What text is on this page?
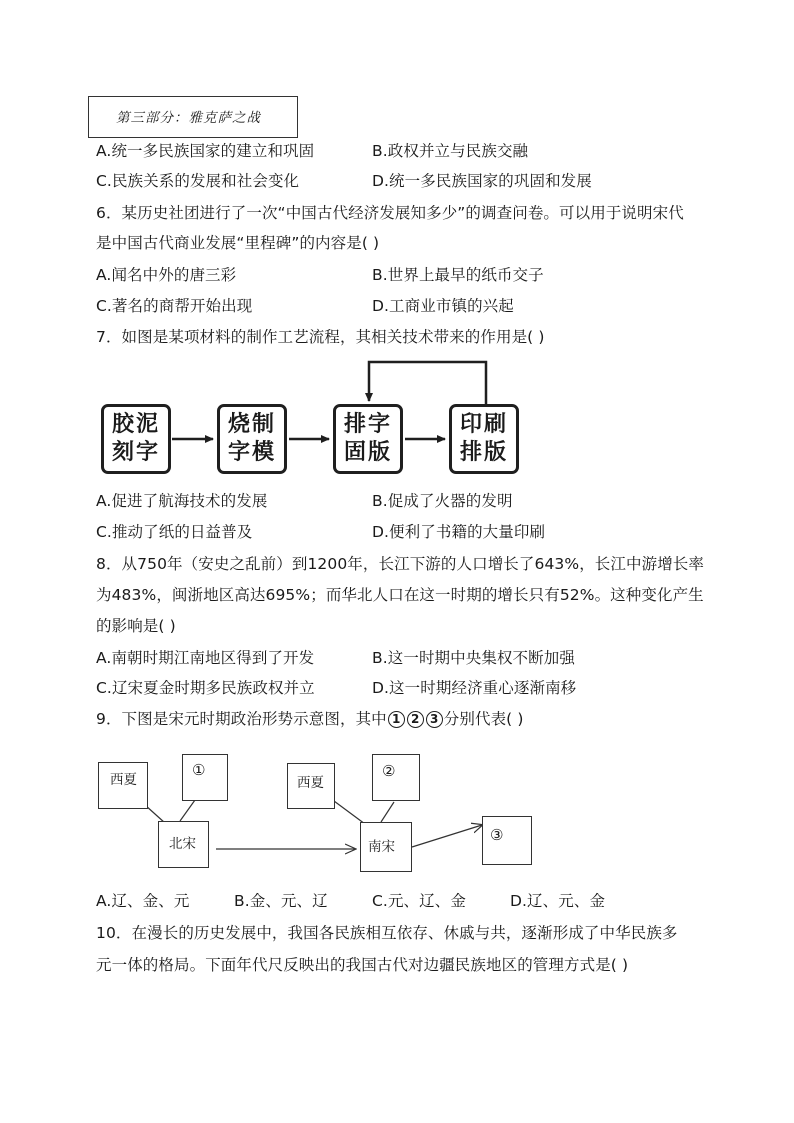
第三部分：雅克萨之战
A.统一多民族国家的建立和巩固	B.政权并立与民族交融
C.民族关系的发展和社会变化	D.统一多民族国家的巩固和发展
6．某历史社团进行了一次“中国古代经济发展知多少”的调查问卷。可以用于说明宋代
是中国古代商业发展“里程碑”的内容是( )
A.闻名中外的唐三彩	B.世界上最早的纸币交子
C.著名的商帮开始出现	D.工商业市镇的兴起
7．如图是某项材料的制作工艺流程，其相关技术带来的作用是( )
胶泥
刻字
烧制
字模
排字
固版
印刷
排版
A.促进了航海技术的发展	B.促成了火器的发明
C.推动了纸的日益普及	D.便利了书籍的大量印刷
8．从750年（安史之乱前）到1200年，长江下游的人口增长了643%，长江中游增长率
为483%，闽浙地区高达695%；而华北人口在这一时期的增长只有52%。这种变化产生
的影响是( )
A.南朝时期江南地区得到了开发	B.这一时期中央集权不断加强
C.辽宋夏金时期多民族政权并立	D.这一时期经济重心逐渐南移
9．下图是宋元时期政治形势示意图，其中 1 2 3 分别代表( )
西夏
①
北宋
西夏
②
南宋
③
A.辽、金、元	B.金、元、辽	C.元、辽、金	D.辽、元、金
10．在漫长的历史发展中，我国各民族相互依存、休戚与共，逐渐形成了中华民族多
元一体的格局。下面年代尺反映出的我国古代对边疆民族地区的管理方式是( )
